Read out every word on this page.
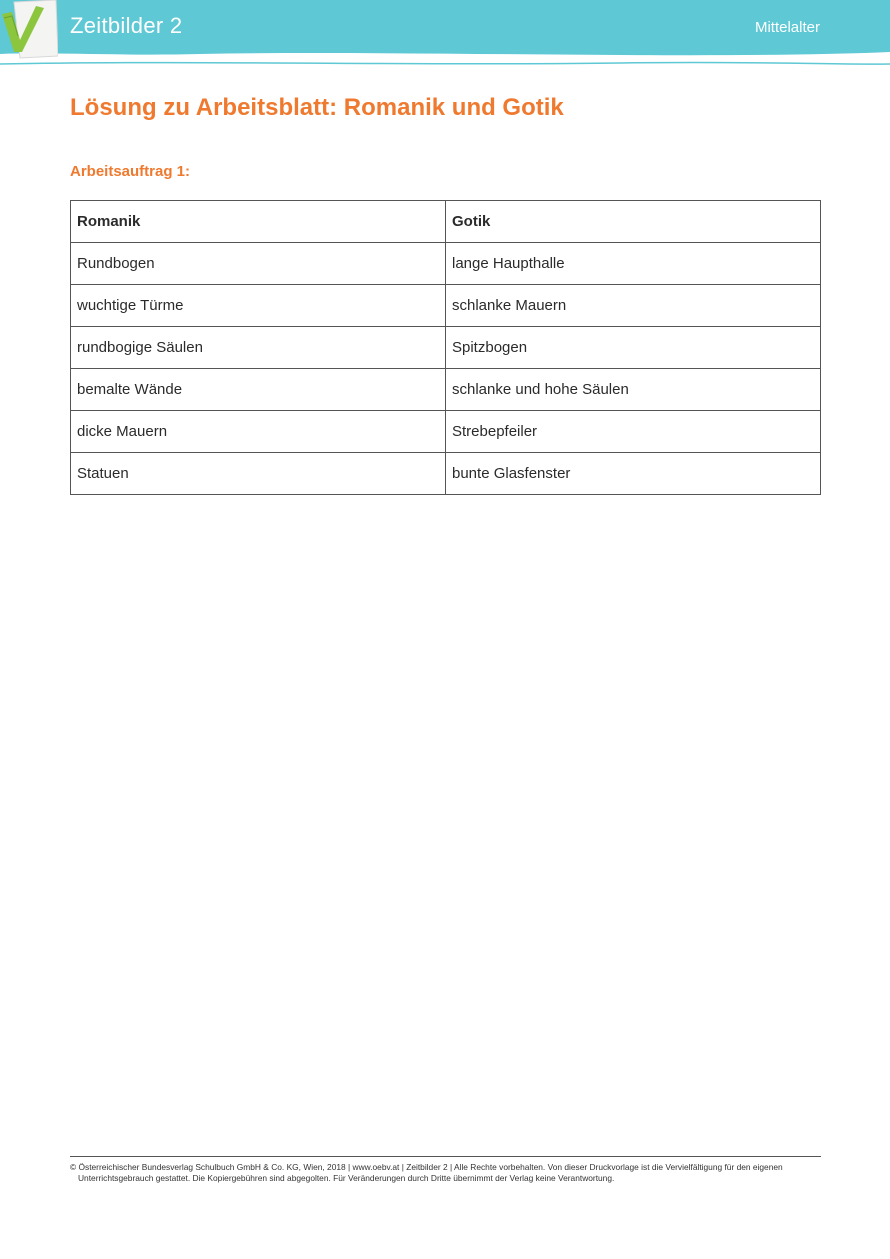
Zeitbilder 2	Mittelalter
Lösung zu Arbeitsblatt: Romanik und Gotik
Arbeitsauftrag 1:
Romanik	Gotik
Rundbogen	lange Haupthalle
wuchtige Türme	schlanke Mauern
rundbogige Säulen	Spitzbogen
bemalte Wände	schlanke und hohe Säulen
dicke Mauern	Strebepfeiler
Statuen	bunte Glasfenster
© Österreichischer Bundesverlag Schulbuch GmbH & Co. KG, Wien, 2018 | www.oebv.at | Zeitbilder 2 | Alle Rechte vorbehalten. Von dieser Druckvorlage ist die Vervielfältigung für den eigenen
Unterrichtsgebrauch gestattet. Die Kopiergebühren sind abgegolten. Für Veränderungen durch Dritte übernimmt der Verlag keine Verantwortung.
